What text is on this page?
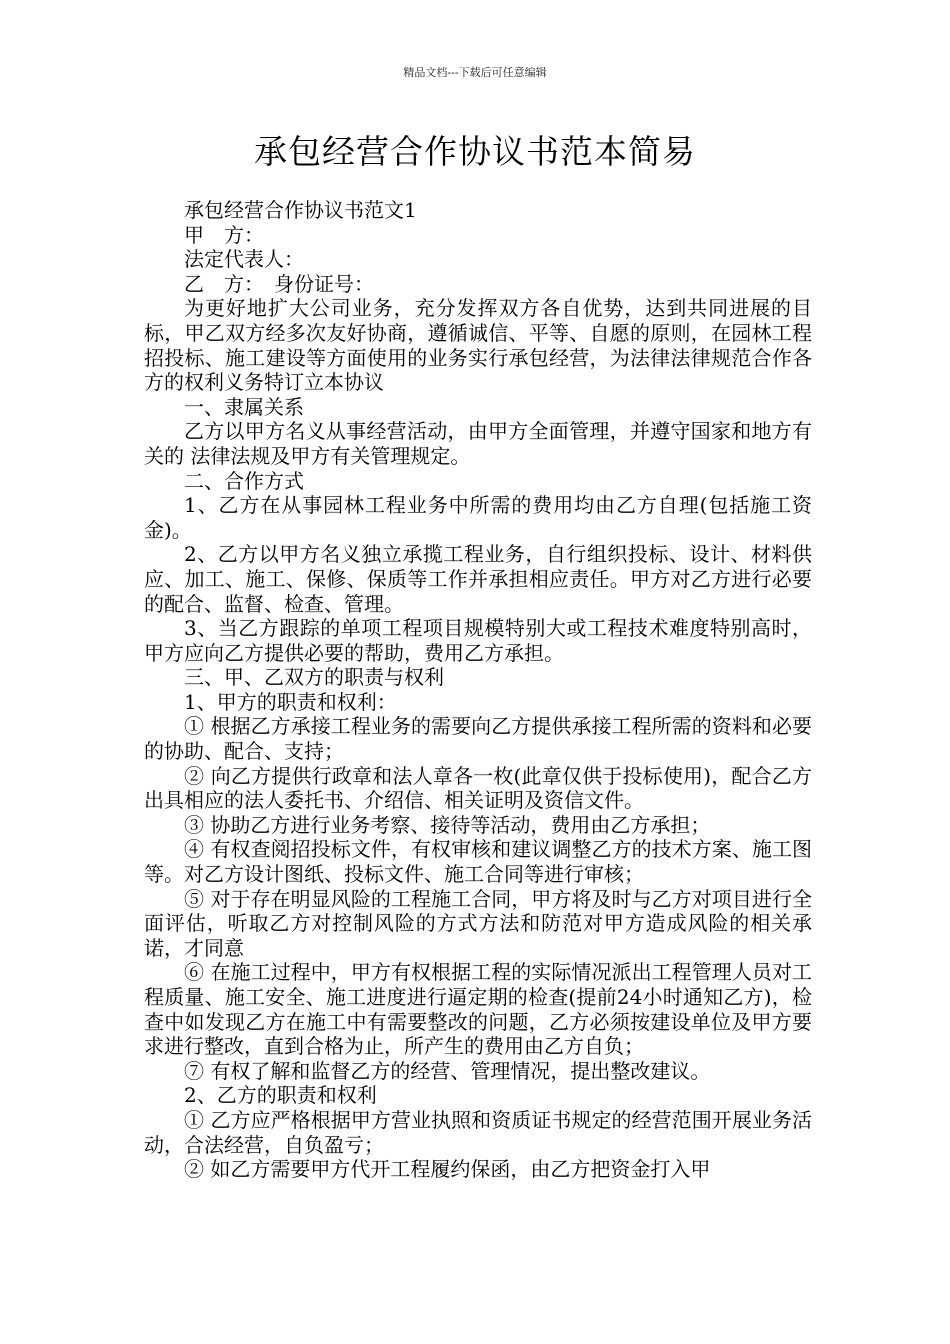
精品文档---下载后可任意编辑
承包经营合作协议书范本简易

承包经营合作协议书范文1

甲　方：

法定代表人：

乙　方：　身份证号：

为更好地扩大公司业务，充分发挥双方各自优势，达到共同进展的目标，甲乙双方经多次友好协商，遵循诚信、平等、自愿的原则，在园林工程招投标、施工建设等方面使用的业务实行承包经营，为法律法律规范合作各方的权利义务特订立本协议

一、隶属关系

乙方以甲方名义从事经营活动，由甲方全面管理，并遵守国家和地方有关的 法律法规及甲方有关管理规定。

二、合作方式

1、乙方在从事园林工程业务中所需的费用均由乙方自理(包括施工资金)。

2、乙方以甲方名义独立承揽工程业务，自行组织投标、设计、材料供应、加工、施工、保修、保质等工作并承担相应责任。甲方对乙方进行必要的配合、监督、检查、管理。

3、当乙方跟踪的单项工程项目规模特别大或工程技术难度特别高时，甲方应向乙方提供必要的帮助，费用乙方承担。

三、甲、乙双方的职责与权利

1、甲方的职责和权利：

① 根据乙方承接工程业务的需要向乙方提供承接工程所需的资料和必要的协助、配合、支持；

② 向乙方提供行政章和法人章各一枚(此章仅供于投标使用)，配合乙方出具相应的法人委托书、介绍信、相关证明及资信文件。

③ 协助乙方进行业务考察、接待等活动，费用由乙方承担；

④ 有权查阅招投标文件，有权审核和建议调整乙方的技术方案、施工图等。对乙方设计图纸、投标文件、施工合同等进行审核；

⑤ 对于存在明显风险的工程施工合同，甲方将及时与乙方对项目进行全面评估，听取乙方对控制风险的方式方法和防范对甲方造成风险的相关承诺，才同意

⑥ 在施工过程中，甲方有权根据工程的实际情况派出工程管理人员对工程质量、施工安全、施工进度进行逼定期的检查(提前24小时通知乙方)，检查中如发现乙方在施工中有需要整改的问题，乙方必须按建设单位及甲方要求进行整改，直到合格为止，所产生的费用由乙方自负；

⑦ 有权了解和监督乙方的经营、管理情况，提出整改建议。

2、乙方的职责和权利

① 乙方应严格根据甲方营业执照和资质证书规定的经营范围开展业务活动，合法经营，自负盈亏；

② 如乙方需要甲方代开工程履约保函，由乙方把资金打入甲
